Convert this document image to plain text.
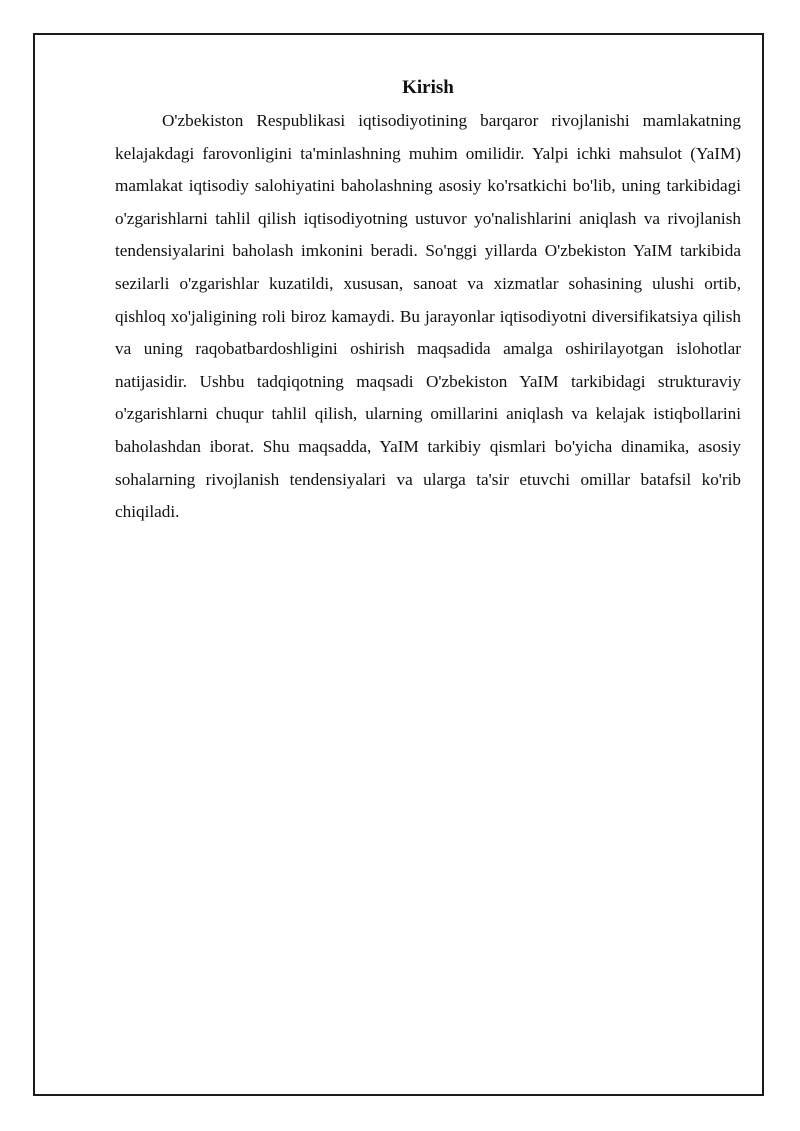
Kirish

O'zbekiston Respublikasi iqtisodiyotining barqaror rivojlanishi mamlakatning kelajakdagi farovonligini ta'minlashning muhim omilidir. Yalpi ichki mahsulot (YaIM) mamlakat iqtisodiy salohiyatini baholashning asosiy ko'rsatkichi bo'lib, uning tarkibidagi o'zgarishlarni tahlil qilish iqtisodiyotning ustuvor yo'nalishlarini aniqlash va rivojlanish tendensiyalarini baholash imkonini beradi. So'nggi yillarda O'zbekiston YaIM tarkibida sezilarli o'zgarishlar kuzatildi, xususan, sanoat va xizmatlar sohasining ulushi ortib, qishloq xo'jaligining roli biroz kamaydi. Bu jarayonlar iqtisodiyotni diversifikatsiya qilish va uning raqobatbardoshligini oshirish maqsadida amalga oshirilayotgan islohotlar natijasidir. Ushbu tadqiqotning maqsadi O'zbekiston YaIM tarkibidagi strukturaviy o'zgarishlarni chuqur tahlil qilish, ularning omillarini aniqlash va kelajak istiqbollarini baholashdan iborat. Shu maqsadda, YaIM tarkibiy qismlari bo'yicha dinamika, asosiy sohalarning rivojlanish tendensiyalari va ularga ta'sir etuvchi omillar batafsil ko'rib chiqiladi.
